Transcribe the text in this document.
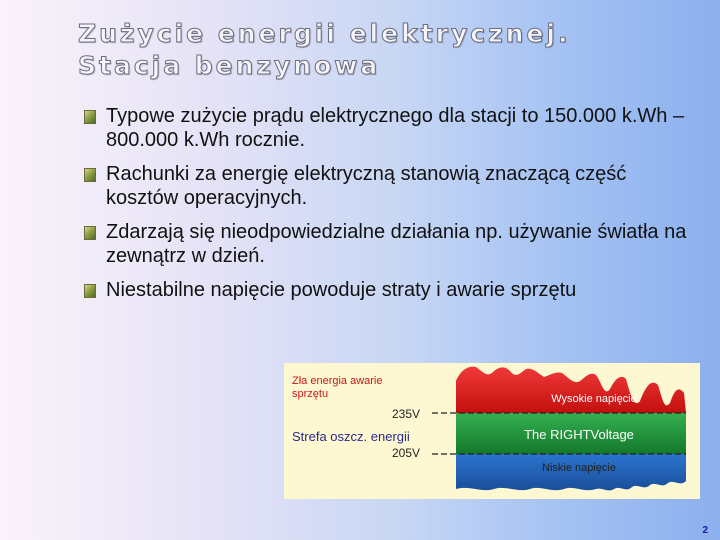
Zużycie energii elektrycznej. Stacja benzynowa
Typowe zużycie prądu elektrycznego dla stacji to 150.000 k.Wh – 800.000 k.Wh rocznie.
Rachunki za energię elektryczną stanowią znaczącą część kosztów operacyjnych.
Zdarzają się nieodpowiedzialne działania np. używanie światła na zewnątrz w dzień.
Niestabilne napięcie powoduje straty i awarie sprzętu
Zła energia awarie sprzętu
235V
Strefa oszcz. energii
205V
Wysokie napięcie
The RIGHTVoltage
Niskie napięcie
2
